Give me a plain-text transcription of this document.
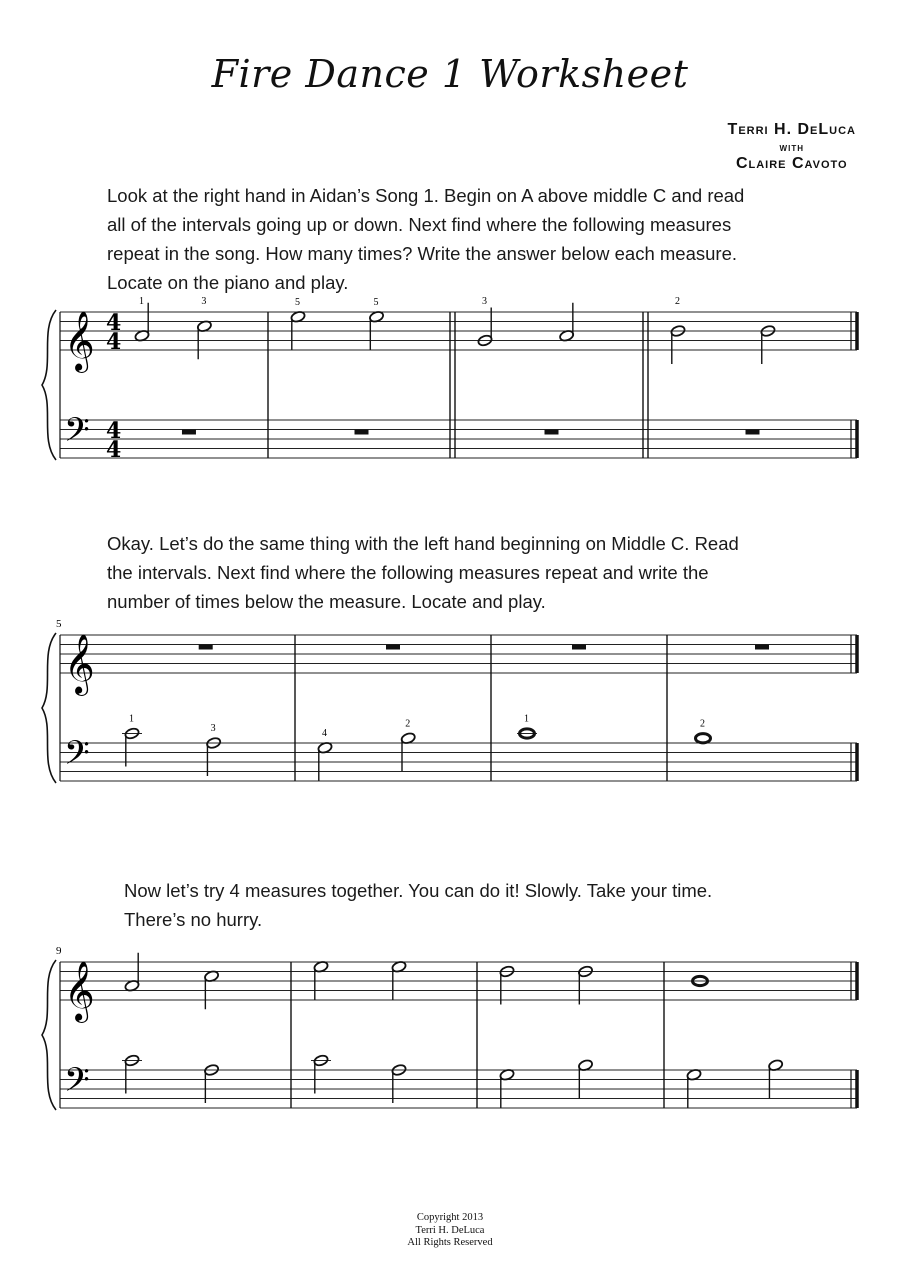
Fire Dance 1 Worksheet
Terri H. DeLuca
with
Claire Cavoto
Look at the right hand in Aidan’s Song 1. Begin on A above middle C and read
all of the intervals going up or down. Next find where the following measures
repeat in the song. How many times? Write the answer below each measure.
Locate on the piano and play.
𝄞
𝄢
4
4
4
4
1	3	5	5	3	2
Okay. Let’s do the same thing with the left hand beginning on Middle C. Read
the intervals. Next find where the following measures repeat and write the
number of times below the measure. Locate and play.
𝄞
𝄢
5
1
3	4
2	1	2
Now let’s try 4 measures together. You can do it! Slowly. Take your time.
There’s no hurry.
𝄞
𝄢
9
Copyright 2013
Terri H. DeLuca
All Rights Reserved
